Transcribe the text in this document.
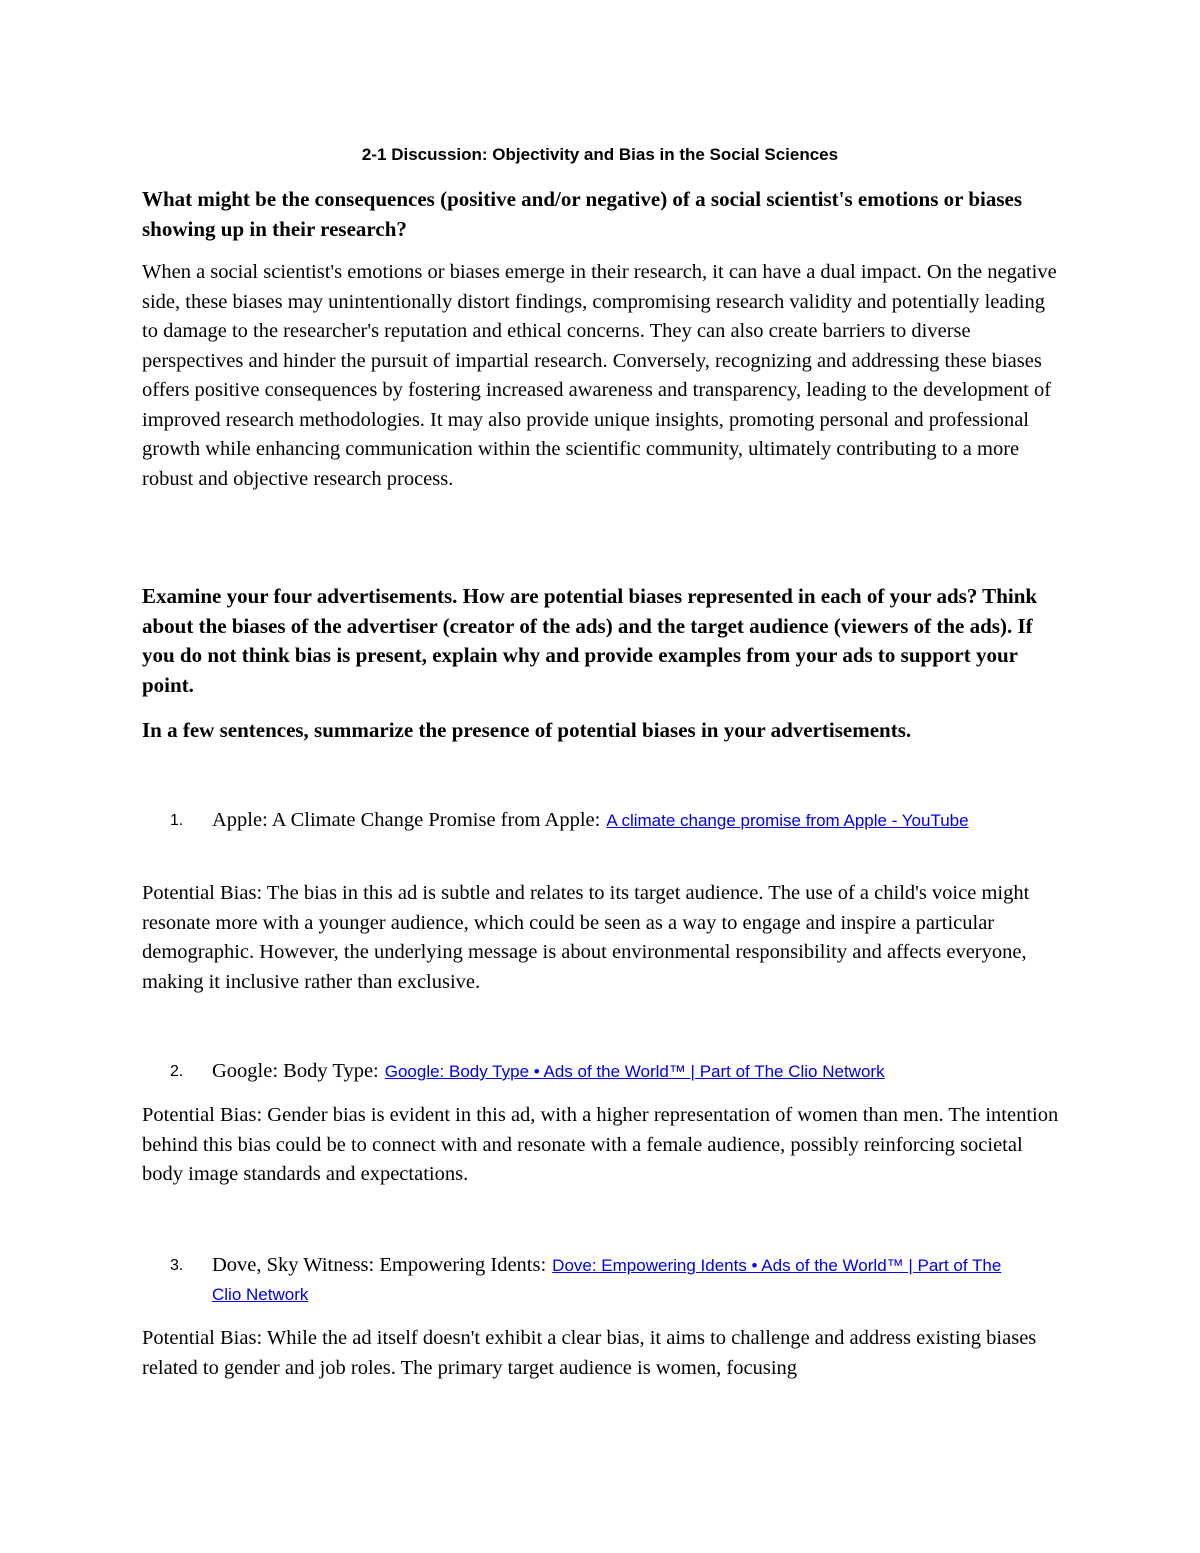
2-1 Discussion: Objectivity and Bias in the Social Sciences

What might be the consequences (positive and/or negative) of a social scientist's emotions or biases showing up in their research?

When a social scientist's emotions or biases emerge in their research, it can have a dual impact. On the negative side, these biases may unintentionally distort findings, compromising research validity and potentially leading to damage to the researcher's reputation and ethical concerns. They can also create barriers to diverse perspectives and hinder the pursuit of impartial research. Conversely, recognizing and addressing these biases offers positive consequences by fostering increased awareness and transparency, leading to the development of improved research methodologies. It may also provide unique insights, promoting personal and professional growth while enhancing communication within the scientific community, ultimately contributing to a more robust and objective research process.

Examine your four advertisements. How are potential biases represented in each of your ads? Think about the biases of the advertiser (creator of the ads) and the target audience (viewers of the ads). If you do not think bias is present, explain why and provide examples from your ads to support your point.

In a few sentences, summarize the presence of potential biases in your advertisements.

1. Apple: A Climate Change Promise from Apple: A climate change promise from Apple - YouTube

Potential Bias: The bias in this ad is subtle and relates to its target audience. The use of a child's voice might resonate more with a younger audience, which could be seen as a way to engage and inspire a particular demographic. However, the underlying message is about environmental responsibility and affects everyone, making it inclusive rather than exclusive.

2. Google: Body Type: Google: Body Type • Ads of the World™ | Part of The Clio Network

Potential Bias: Gender bias is evident in this ad, with a higher representation of women than men. The intention behind this bias could be to connect with and resonate with a female audience, possibly reinforcing societal body image standards and expectations.

3. Dove, Sky Witness: Empowering Idents: Dove: Empowering Idents • Ads of the World™ | Part of The Clio Network

Potential Bias: While the ad itself doesn't exhibit a clear bias, it aims to challenge and address existing biases related to gender and job roles. The primary target audience is women, focusing
